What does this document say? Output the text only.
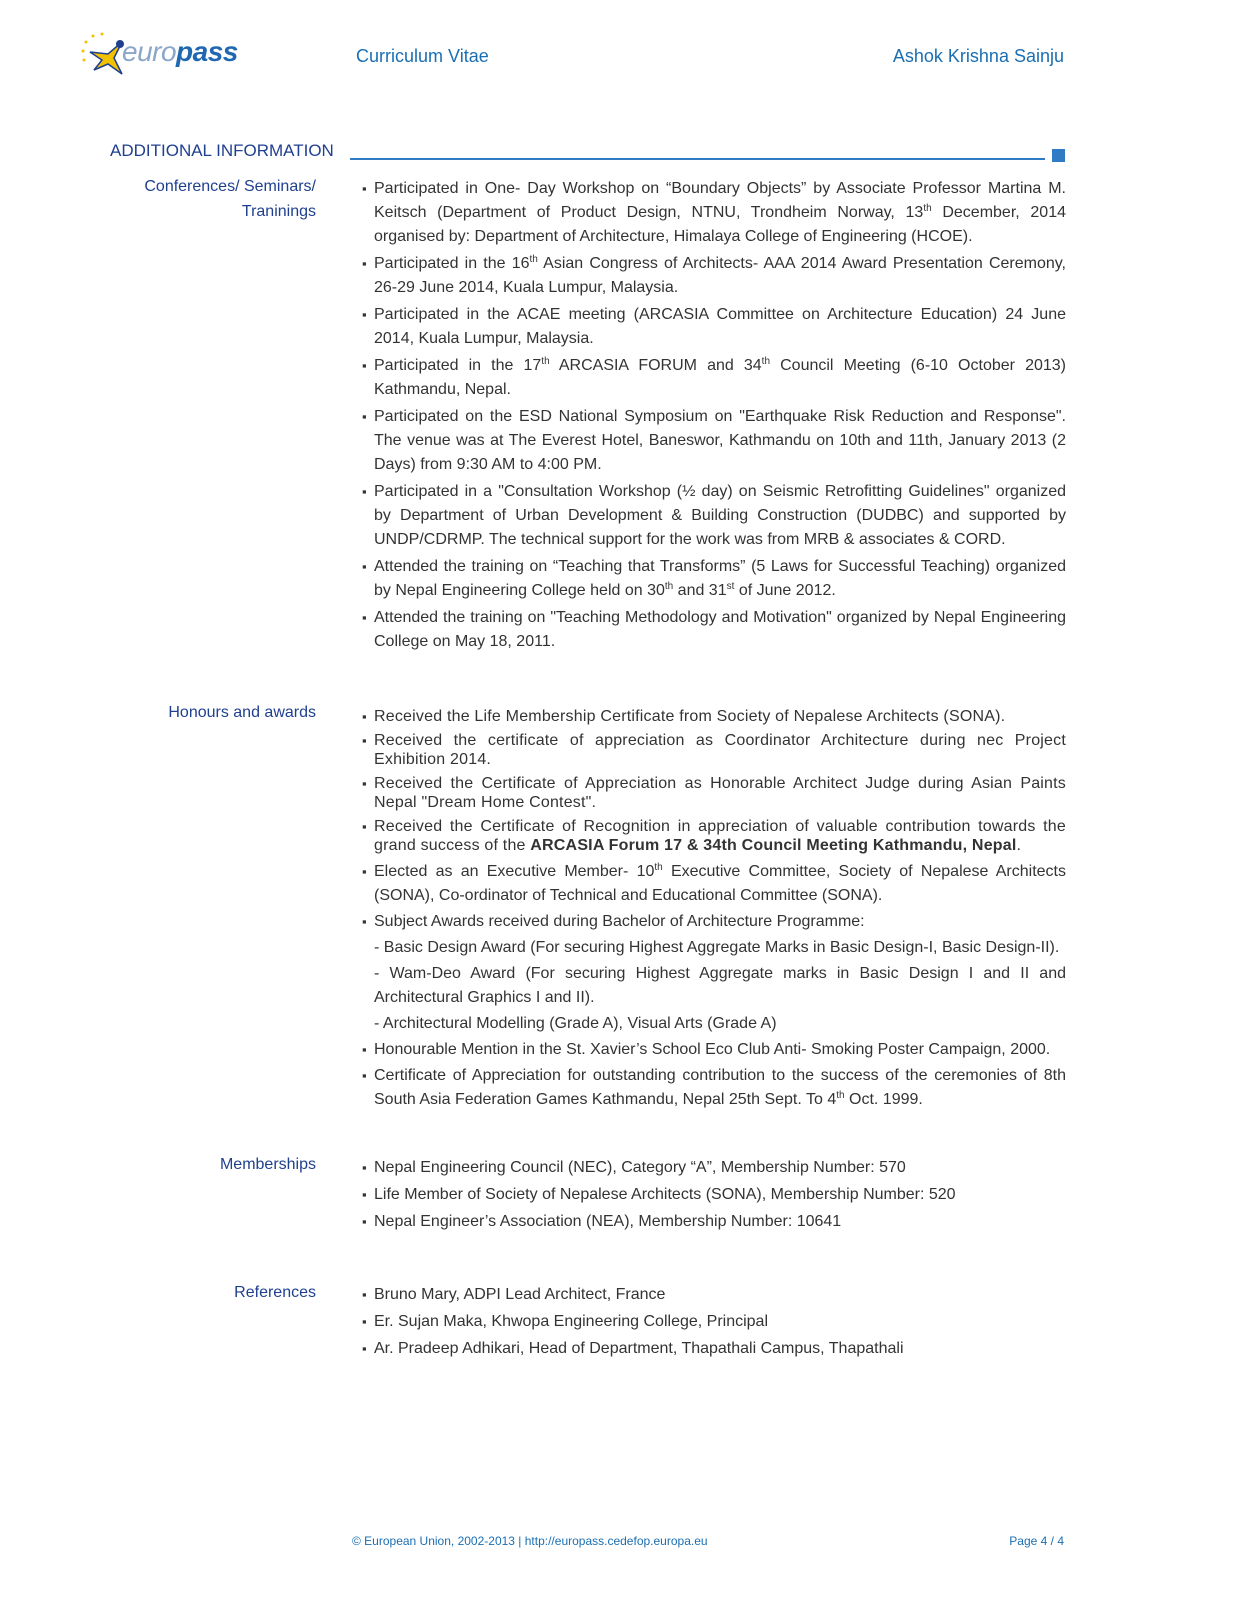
europass	Curriculum Vitae	Ashok Krishna Sainju
ADDITIONAL INFORMATION
Conferences/ Seminars/
Traninings
▪ Participated in One- Day Workshop on “Boundary Objects” by Associate Professor Martina M. Keitsch (Department of Product Design, NTNU, Trondheim Norway, 13th December, 2014 organised by: Department of Architecture, Himalaya College of Engineering (HCOE).
▪ Participated in the 16th Asian Congress of Architects- AAA 2014 Award Presentation Ceremony, 26-29 June 2014, Kuala Lumpur, Malaysia.
▪ Participated in the ACAE meeting (ARCASIA Committee on Architecture Education) 24 June 2014, Kuala Lumpur, Malaysia.
▪ Participated in the 17th ARCASIA FORUM and 34th Council Meeting (6-10 October 2013) Kathmandu, Nepal.
▪ Participated on the ESD National Symposium on "Earthquake Risk Reduction and Response". The venue was at The Everest Hotel, Baneswor, Kathmandu on 10th and 11th, January 2013 (2 Days) from 9:30 AM to 4:00 PM.
▪ Participated in a "Consultation Workshop (½ day) on Seismic Retrofitting Guidelines" organized by Department of Urban Development & Building Construction (DUDBC) and supported by UNDP/CDRMP. The technical support for the work was from MRB & associates & CORD.
▪ Attended the training on “Teaching that Transforms” (5 Laws for Successful Teaching) organized by Nepal Engineering College held on 30th and 31st of June 2012.
▪ Attended the training on "Teaching Methodology and Motivation" organized by Nepal Engineering College on May 18, 2011.
Honours and awards	▪ Received the Life Membership Certificate from Society of Nepalese Architects (SONA).
▪ Received the certificate of appreciation as Coordinator Architecture during nec Project Exhibition 2014.
▪ Received the Certificate of Appreciation as Honorable Architect Judge during Asian Paints Nepal "Dream Home Contest".
▪ Received the Certificate of Recognition in appreciation of valuable contribution towards the grand success of the ARCASIA Forum 17 & 34th Council Meeting Kathmandu, Nepal.
▪ Elected as an Executive Member- 10th Executive Committee, Society of Nepalese Architects (SONA), Co-ordinator of Technical and Educational Committee (SONA).
▪ Subject Awards received during Bachelor of Architecture Programme:
- Basic Design Award (For securing Highest Aggregate Marks in Basic Design-I, Basic Design-II).
- Wam-Deo Award (For securing Highest Aggregate marks in Basic Design I and II and Architectural Graphics I and II).
- Architectural Modelling (Grade A), Visual Arts (Grade A)
▪ Honourable Mention in the St. Xavier’s School Eco Club Anti- Smoking Poster Campaign, 2000.
▪ Certificate of Appreciation for outstanding contribution to the success of the ceremonies of 8th South Asia Federation Games Kathmandu, Nepal 25th Sept. To 4th Oct. 1999.
Memberships	▪ Nepal Engineering Council (NEC), Category “A”, Membership Number: 570
▪ Life Member of Society of Nepalese Architects (SONA), Membership Number: 520
▪ Nepal Engineer’s Association (NEA), Membership Number: 10641
References	▪ Bruno Mary, ADPI Lead Architect, France
▪ Er. Sujan Maka, Khwopa Engineering College, Principal
▪ Ar. Pradeep Adhikari, Head of Department, Thapathali Campus, Thapathali
© European Union, 2002-2013 | http://europass.cedefop.europa.eu	Page 4 / 4
